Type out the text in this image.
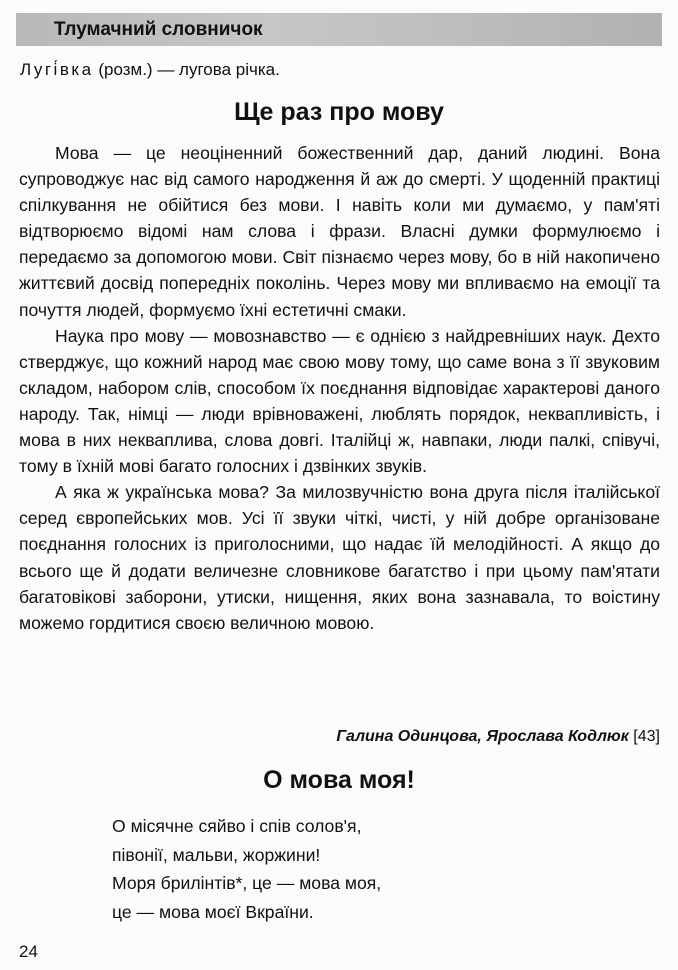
Тлумачний словничок
Лугі́вка (розм.) — лугова річка.
Ще раз про мову

Мова — це неоціненний божественний дар, даний людині. Вона супроводжує нас від самого народження й аж до смерті. У щоденній практиці спілкування не обійтися без мови. І навіть коли ми думаємо, у пам'яті відтворюємо відомі нам слова і фрази. Власні думки формулюємо і передаємо за допомогою мови. Світ пізнаємо через мову, бо в ній накопичено життєвий досвід попередніх поколінь. Через мову ми впливаємо на емоції та почуття людей, формуємо їхні естетичні смаки.

Наука про мову — мовознавство — є однією з найдревніших наук. Дехто стверджує, що кожний народ має свою мову тому, що саме вона з її звуковим складом, набором слів, способом їх поєднання відповідає характерові даного народу. Так, німці — люди врівноважені, люблять порядок, неквапливість, і мова в них некваплива, слова довгі. Італійці ж, навпаки, люди палкі, співучі, тому в їхній мові багато голосних і дзвінких звуків.

А яка ж українська мова? За милозвучністю вона друга після італійської серед європейських мов. Усі її звуки чіткі, чисті, у ній добре організоване поєднання голосних із приголосними, що надає їй мелодійності. А якщо до всього ще й додати величезне словникове багатство і при цьому пам'ятати багатовікові заборони, утиски, нищення, яких вона зазнавала, то воістину можемо гордитися своєю величною мовою.

Галина Одинцова, Ярослава Кодлюк [43]
О мова моя!
О місячне сяйво і спів солов'я,
півонії, мальви, жоржини!
Моря брилінтів*, це — мова моя,
це — мова моєї Вкраїни.
24
